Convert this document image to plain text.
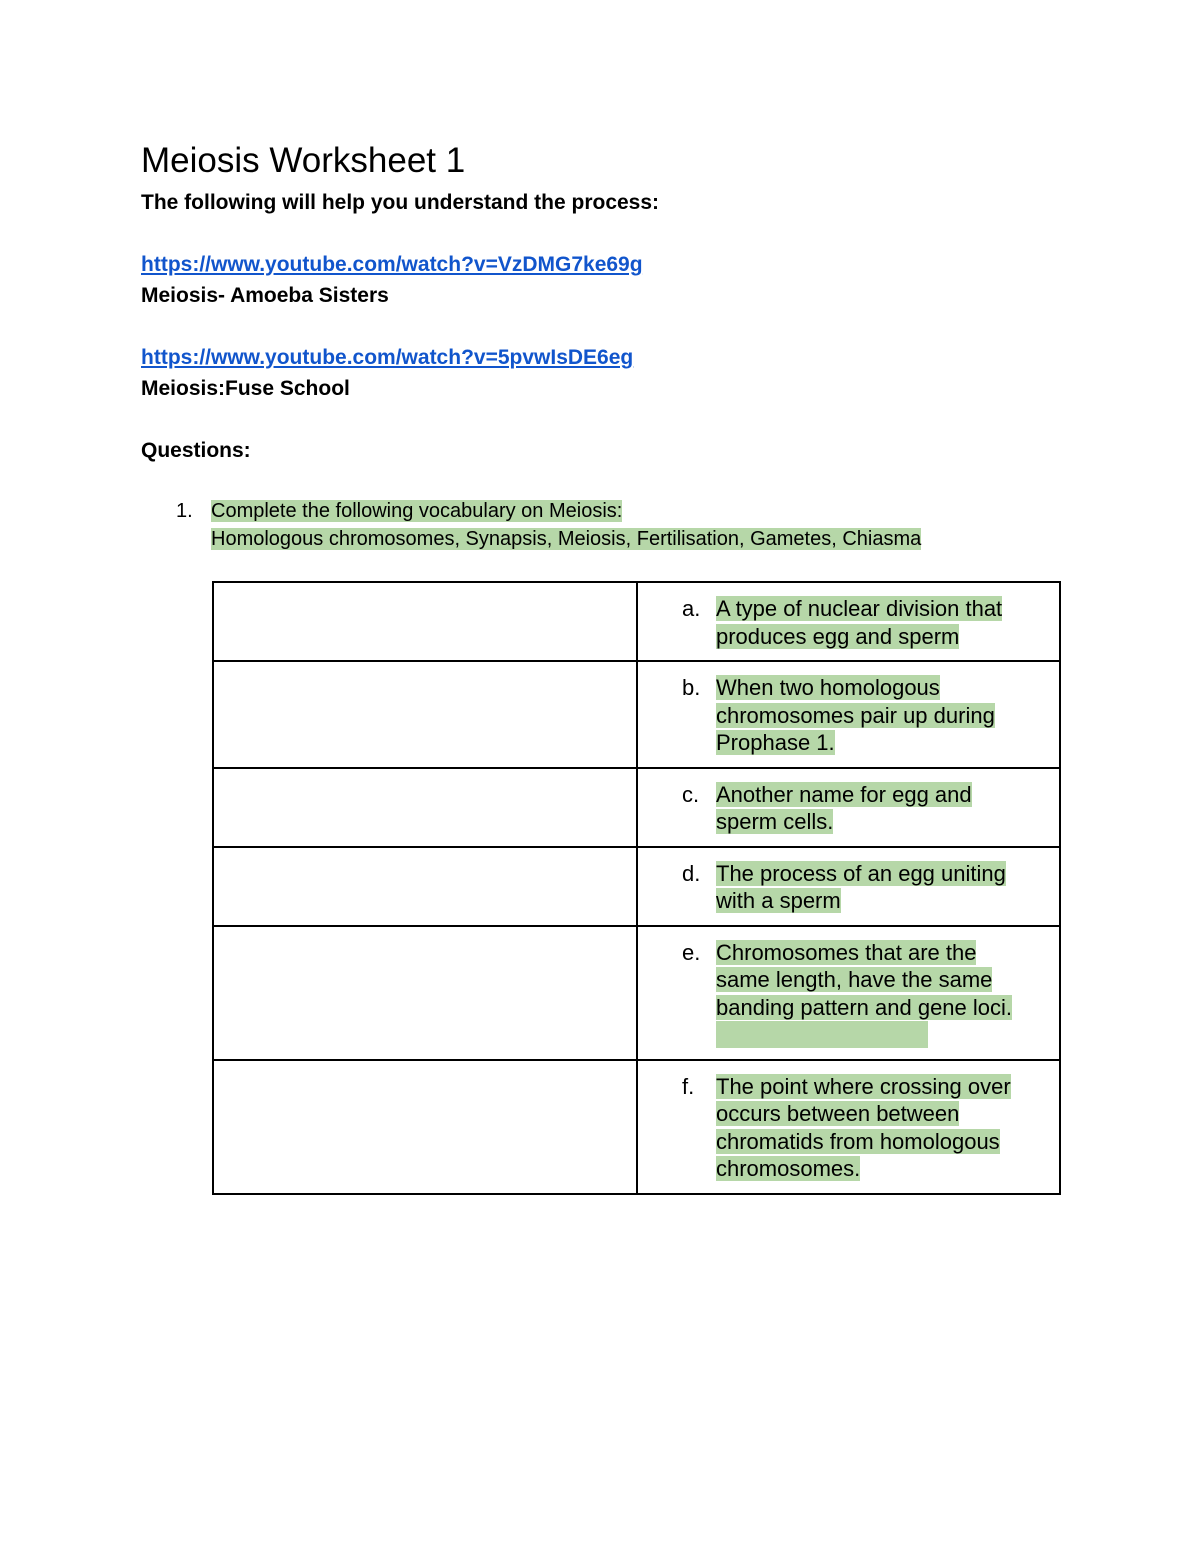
Meiosis Worksheet 1
The following will help you understand the process:
https://www.youtube.com/watch?v=VzDMG7ke69g
Meiosis- Amoeba Sisters
https://www.youtube.com/watch?v=5pvwIsDE6eg
Meiosis:Fuse School
Questions:
1. Complete the following vocabulary on Meiosis:
Homologous chromosomes, Synapsis, Meiosis, Fertilisation, Gametes, Chiasma

	a. A type of nuclear division that produces egg and sperm

	b. When two homologous chromosomes pair up during Prophase 1.

	c. Another name for egg and sperm cells.

	d. The process of an egg uniting with a sperm

	e. Chromosomes that are the same length, have the same banding pattern and gene loci.

	f. The point where crossing over occurs between between chromatids from homologous chromosomes.
